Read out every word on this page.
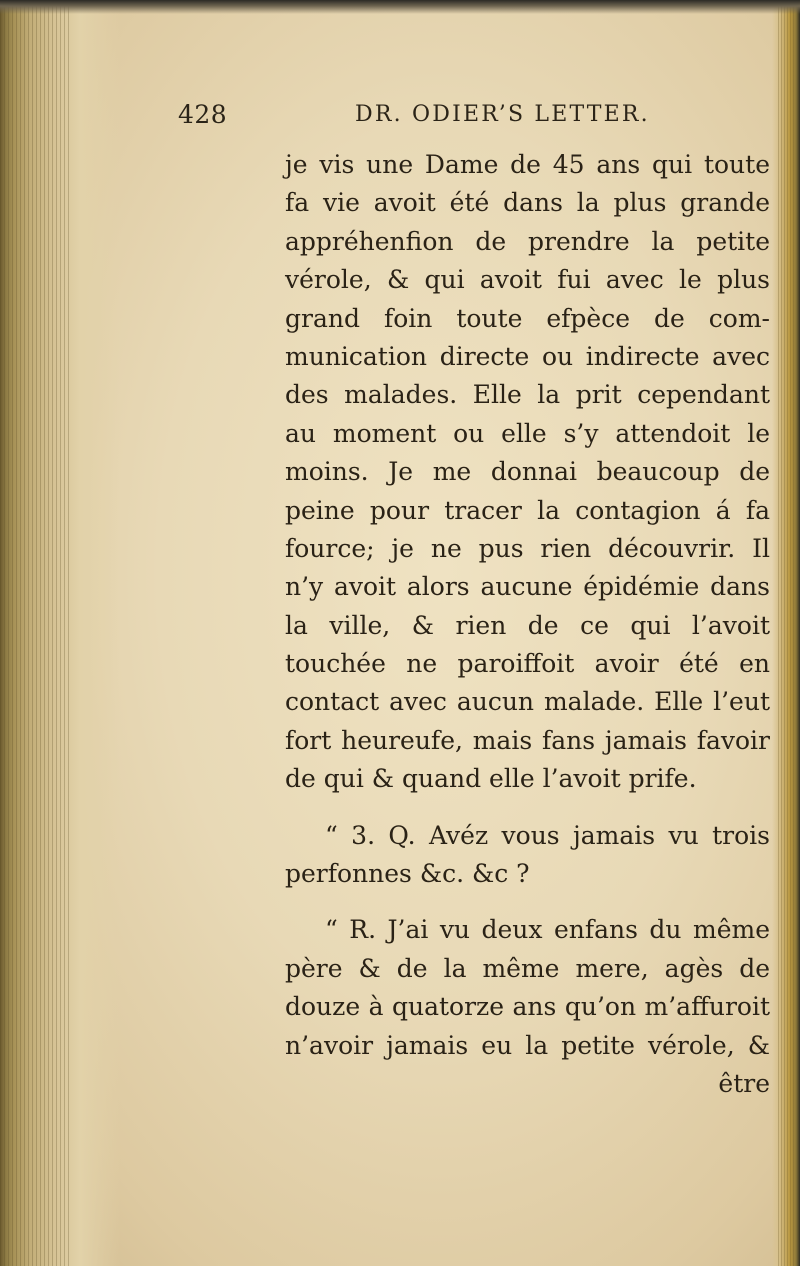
428	DR. ODIER’S LETTER.
je vis une Dame de 45 ans qui toute
fa vie avoit été dans la plus grande
appréhenfion de prendre la petite
vérole, & qui avoit fui avec le plus
grand foin toute efpèce de com-
munication directe ou indirecte avec
des malades. Elle la prit cependant
au moment ou elle s’y attendoit le
moins. Je me donnai beaucoup de
peine pour tracer la contagion á fa
fource; je ne pus rien découvrir. Il
n’y avoit alors aucune épidémie dans
la ville, & rien de ce qui l’avoit
touchée ne paroiffoit avoir été en
contact avec aucun malade. Elle l’eut
fort heureufe, mais fans jamais favoir
de qui & quand elle l’avoit prife.
“ 3. Q. Avéz vous jamais vu trois
perfonnes &c. &c ?
“ R. J’ai vu deux enfans du même
père & de la même mere, agès de
douze à quatorze ans qu’on m’affuroit
n’avoir jamais eu la petite vérole, &
être
